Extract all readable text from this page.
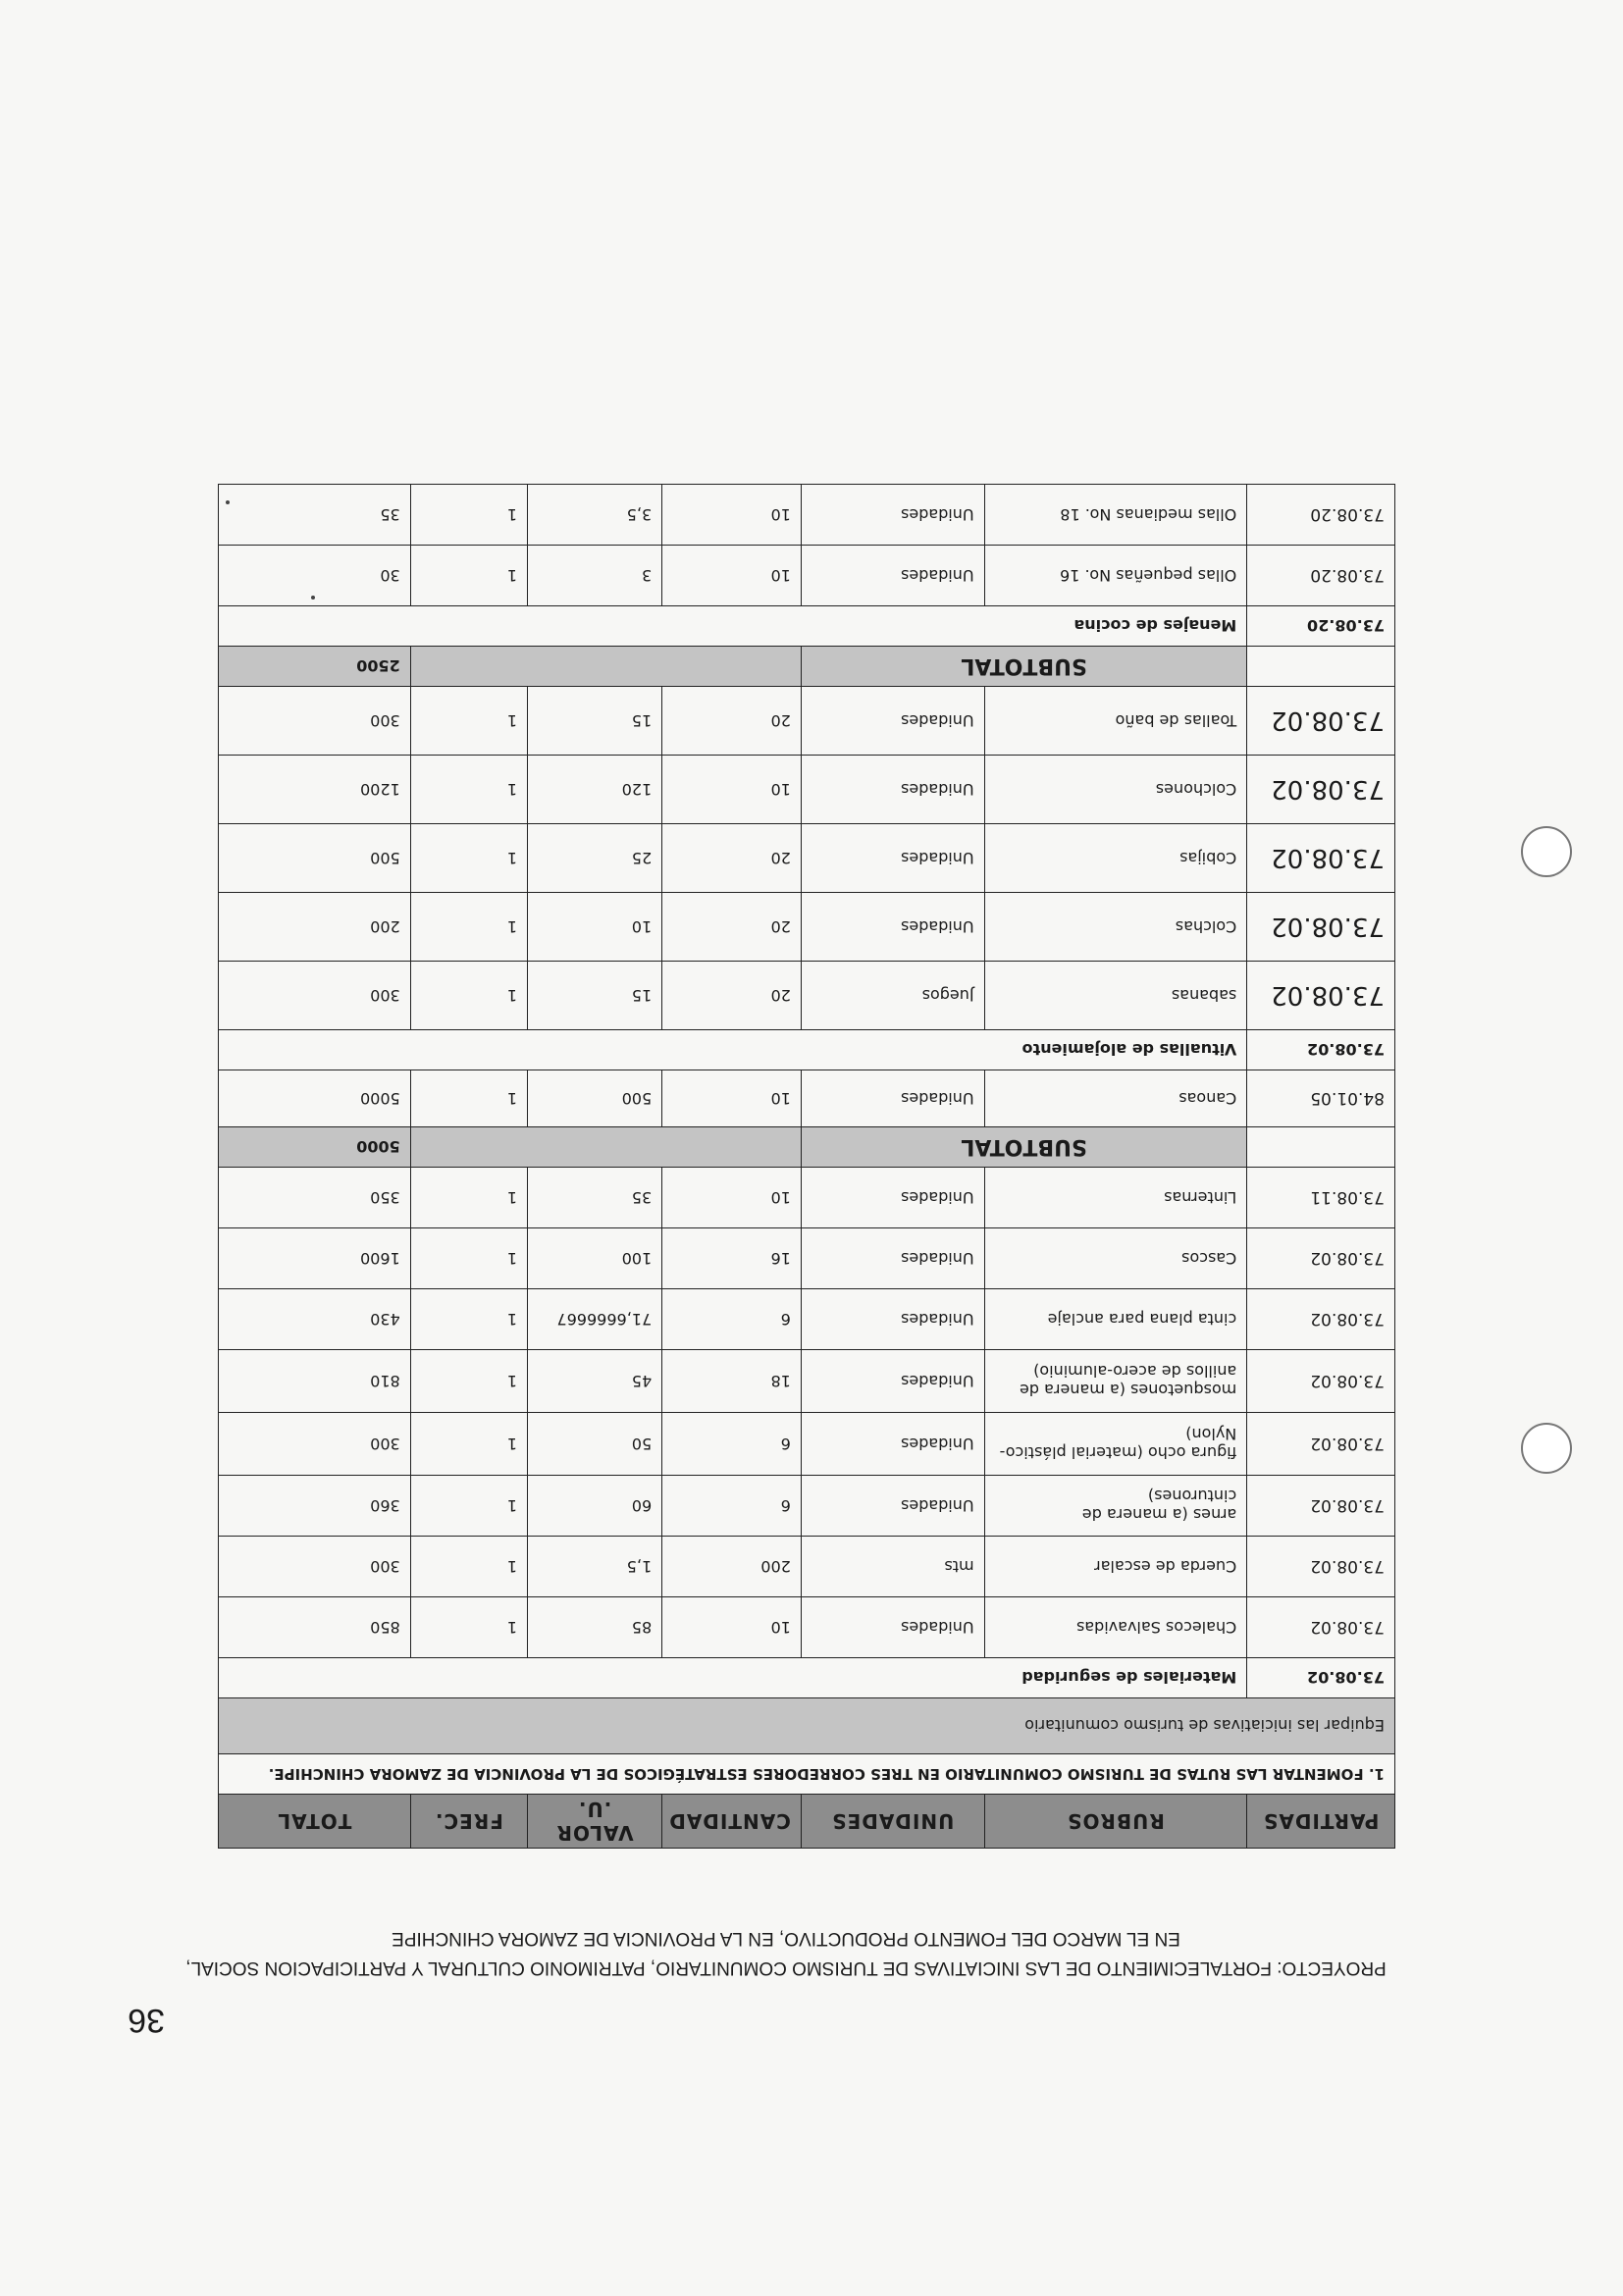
36
PROYECTO: FORTALECIMIENTO DE LAS INICIATIVAS DE TURISMO COMUNITARIO, PATRIMONIO CULTURAL Y PARTICIPACION SOCIAL, EN EL MARCO DEL FOMENTO PRODUCTIVO, EN LA PROVINCIA DE ZAMORA CHINCHIPE
PARTIDAS	RUBROS	UNIDADES	CANTIDAD	VALOR .U.	FREC.	TOTAL
1. FOMENTAR LAS RUTAS DE TURISMO COMUNITARIO EN TRES CORREDORES ESTRATÉGICOS DE LA PROVINCIA DE ZAMORA CHINCHIPE.						
Equipar las iniciativas de turismo comunitario						
73.08.02	Materiales de seguridad					
73.08.02	Chalecos Salvavidas	Unidades	10	85	1	850
73.08.02	Cuerda de escalar	mts	200	1,5	1	300
73.08.02	arnes (a manera de cinturones)	Unidades	6	60	1	360
73.08.02	figura ocho (material plástico-Nylon)	Unidades	6	50	1	300
73.08.02	mosquetones (a manera de anillos de acero-aluminio)	Unidades	18	45	1	810
73.08.02	cinta plana para anclaje	Unidades	6	71,6666667	1	430
73.08.02	Cascos	Unidades	16	100	1	1600
73.08.11	Linternas	Unidades	10	35	1	350
	SUBTOTAL					5000
84.01.05	Canoas	Unidades	10	500	1	5000
73.08.02	Vituallas de alojamiento					
73.08.02	sabanas	Juegos	20	15	1	300
73.08.02	Colchas	Unidades	20	10	1	200
73.08.02	Cobijas	Unidades	20	25	1	500
73.08.02	Colchones	Unidades	10	120	1	1200
73.08.02	Toallas de baño	Unidades	20	15	1	300
	SUBTOTAL					2500
73.08.20	Menajes de cocina					
73.08.20	Ollas pequeñas No. 16	Unidades	10	3	1	30
73.08.20	Ollas medianas No. 18	Unidades	10	3,5	1	35
